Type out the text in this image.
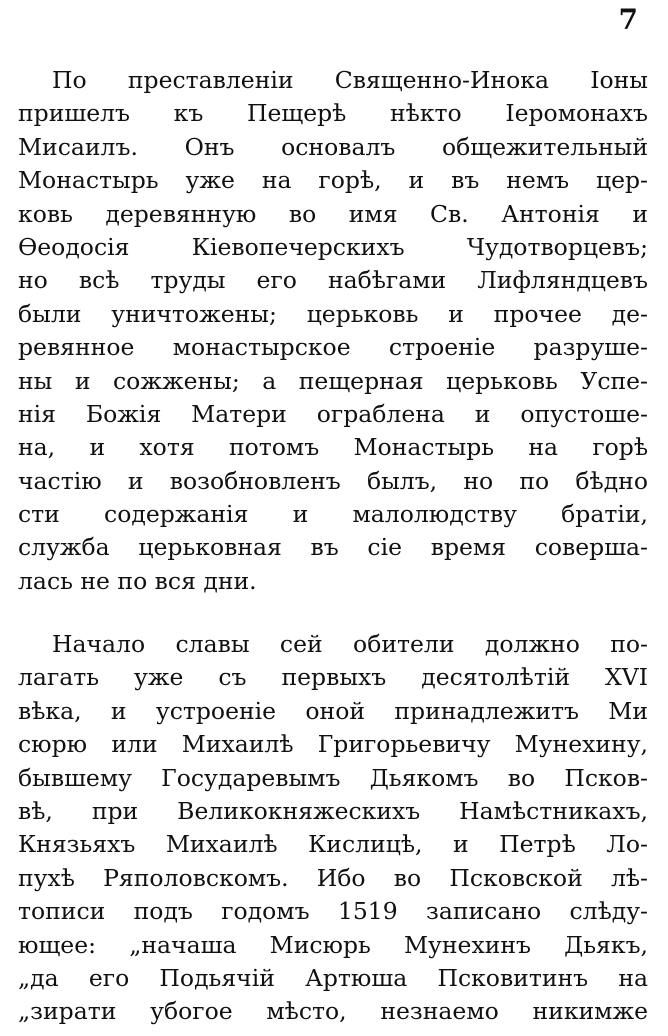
7
По преставленіи Священно-Инока Іоны
пришелъ къ Пещерѣ нѣкто Іеромонахъ
Мисаилъ. Онъ основалъ общежительный
Монастырь уже на горѣ, и въ немъ цер-
ковь деревянную во имя Св. Антонія и
Ѳеодосія Кіевопечерскихъ Чудотворцевъ;
но всѣ труды его набѣгами Лифляндцевъ
были уничтожены; церьковь и прочее де-
ревянное монастырское строеніе разруше-
ны и сожжены; а пещерная церьковь Успе-
нія Божія Матери ограблена и опустоше-
на, и хотя потомъ Монастырь на горѣ
частію и возобновленъ былъ, но по бѣдно
сти содержанія и малолюдству братіи,
служба церьковная въ сіе время соверша-
лась не по вся дни.
Начало славы сей обители должно по-
лагать уже съ первыхъ десятолѣтій XVI
вѣка, и устроеніе оной принадлежитъ Ми
сюрю или Михаилѣ Григорьевичу Мунехину,
бывшему Государевымъ Дьякомъ во Псков-
вѣ, при Великокняжескихъ Намѣстникахъ,
Князьяхъ Михаилѣ Кислицѣ, и Петрѣ Ло-
пухѣ Ряполовскомъ. Ибо во Псковской лѣ-
тописи подъ годомъ 1519 записано слѣду-
ющее: „начаша Мисюрь Мунехинъ Дьякъ,
„да его Подьячій Артюша Псковитинъ на
„зирати убогое мѣсто, незнаемо никимже
